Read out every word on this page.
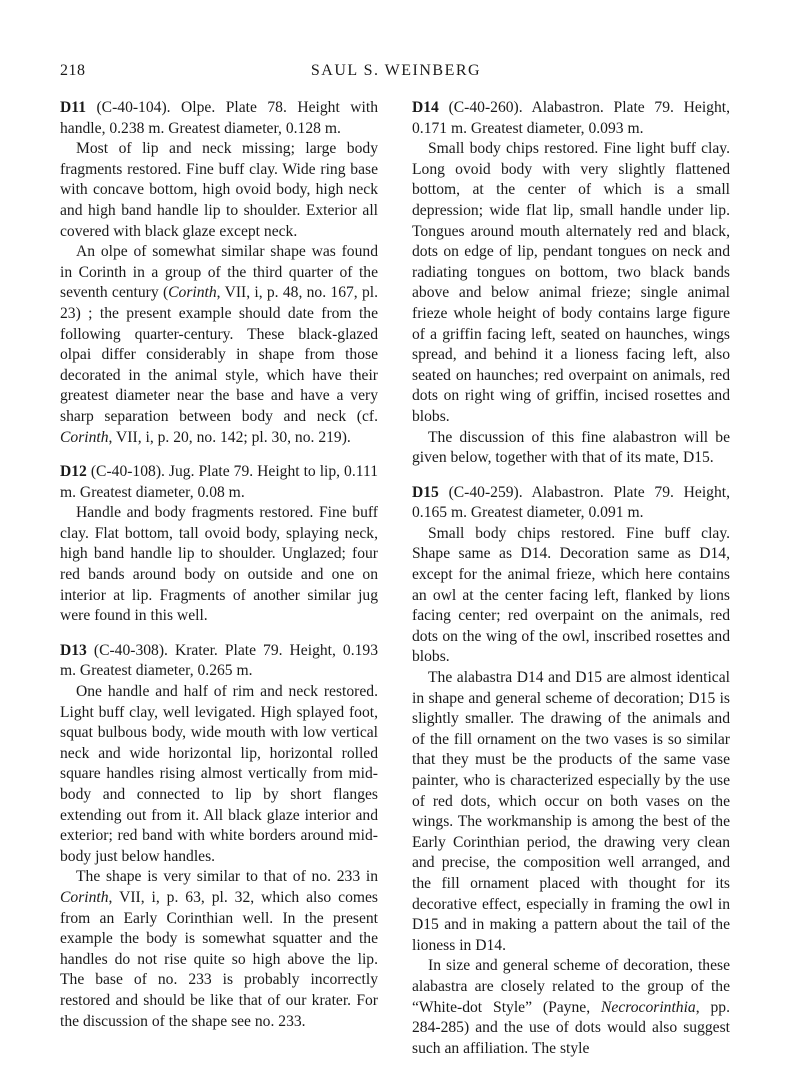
218	SAUL S. WEINBERG

D11 (C-40-104). Olpe. Plate 78. Height with handle, 0.238 m. Greatest diameter, 0.128 m.

Most of lip and neck missing; large body fragments restored. Fine buff clay. Wide ring base with concave bottom, high ovoid body, high neck and high band handle lip to shoulder. Exterior all covered with black glaze except neck.

An olpe of somewhat similar shape was found in Corinth in a group of the third quarter of the seventh century (Corinth, VII, i, p. 48, no. 167, pl. 23) ; the present example should date from the following quarter-century. These black-glazed olpai differ considerably in shape from those decorated in the animal style, which have their greatest diameter near the base and have a very sharp separation between body and neck (cf. Corinth, VII, i, p. 20, no. 142; pl. 30, no. 219).

D12 (C-40-108). Jug. Plate 79. Height to lip, 0.111 m. Greatest diameter, 0.08 m.

Handle and body fragments restored. Fine buff clay. Flat bottom, tall ovoid body, splaying neck, high band handle lip to shoulder. Unglazed; four red bands around body on outside and one on interior at lip. Fragments of another similar jug were found in this well.

D13 (C-40-308). Krater. Plate 79. Height, 0.193 m. Greatest diameter, 0.265 m.

One handle and half of rim and neck restored. Light buff clay, well levigated. High splayed foot, squat bulbous body, wide mouth with low vertical neck and wide horizontal lip, horizontal rolled square handles rising almost vertically from mid-body and connected to lip by short flanges extending out from it. All black glaze interior and exterior; red band with white borders around mid-body just below handles.

The shape is very similar to that of no. 233 in Corinth, VII, i, p. 63, pl. 32, which also comes from an Early Corinthian well. In the present example the body is somewhat squatter and the handles do not rise quite so high above the lip. The base of no. 233 is probably incorrectly restored and should be like that of our krater. For the discussion of the shape see no. 233.

D14 (C-40-260). Alabastron. Plate 79. Height, 0.171 m. Greatest diameter, 0.093 m.

Small body chips restored. Fine light buff clay. Long ovoid body with very slightly flattened bottom, at the center of which is a small depression; wide flat lip, small handle under lip. Tongues around mouth alternately red and black, dots on edge of lip, pendant tongues on neck and radiating tongues on bottom, two black bands above and below animal frieze; single animal frieze whole height of body contains large figure of a griffin facing left, seated on haunches, wings spread, and behind it a lioness facing left, also seated on haunches; red overpaint on animals, red dots on right wing of griffin, incised rosettes and blobs.

The discussion of this fine alabastron will be given below, together with that of its mate, D15.

D15 (C-40-259). Alabastron. Plate 79. Height, 0.165 m. Greatest diameter, 0.091 m.

Small body chips restored. Fine buff clay. Shape same as D14. Decoration same as D14, except for the animal frieze, which here contains an owl at the center facing left, flanked by lions facing center; red overpaint on the animals, red dots on the wing of the owl, inscribed rosettes and blobs.

The alabastra D14 and D15 are almost identical in shape and general scheme of decoration; D15 is slightly smaller. The drawing of the animals and of the fill ornament on the two vases is so similar that they must be the products of the same vase painter, who is characterized especially by the use of red dots, which occur on both vases on the wings. The workmanship is among the best of the Early Corinthian period, the drawing very clean and precise, the composition well arranged, and the fill ornament placed with thought for its decorative effect, especially in framing the owl in D15 and in making a pattern about the tail of the lioness in D14.

In size and general scheme of decoration, these alabastra are closely related to the group of the “White-dot Style” (Payne, Necrocorinthia, pp. 284-285) and the use of dots would also suggest such an affiliation. The style
